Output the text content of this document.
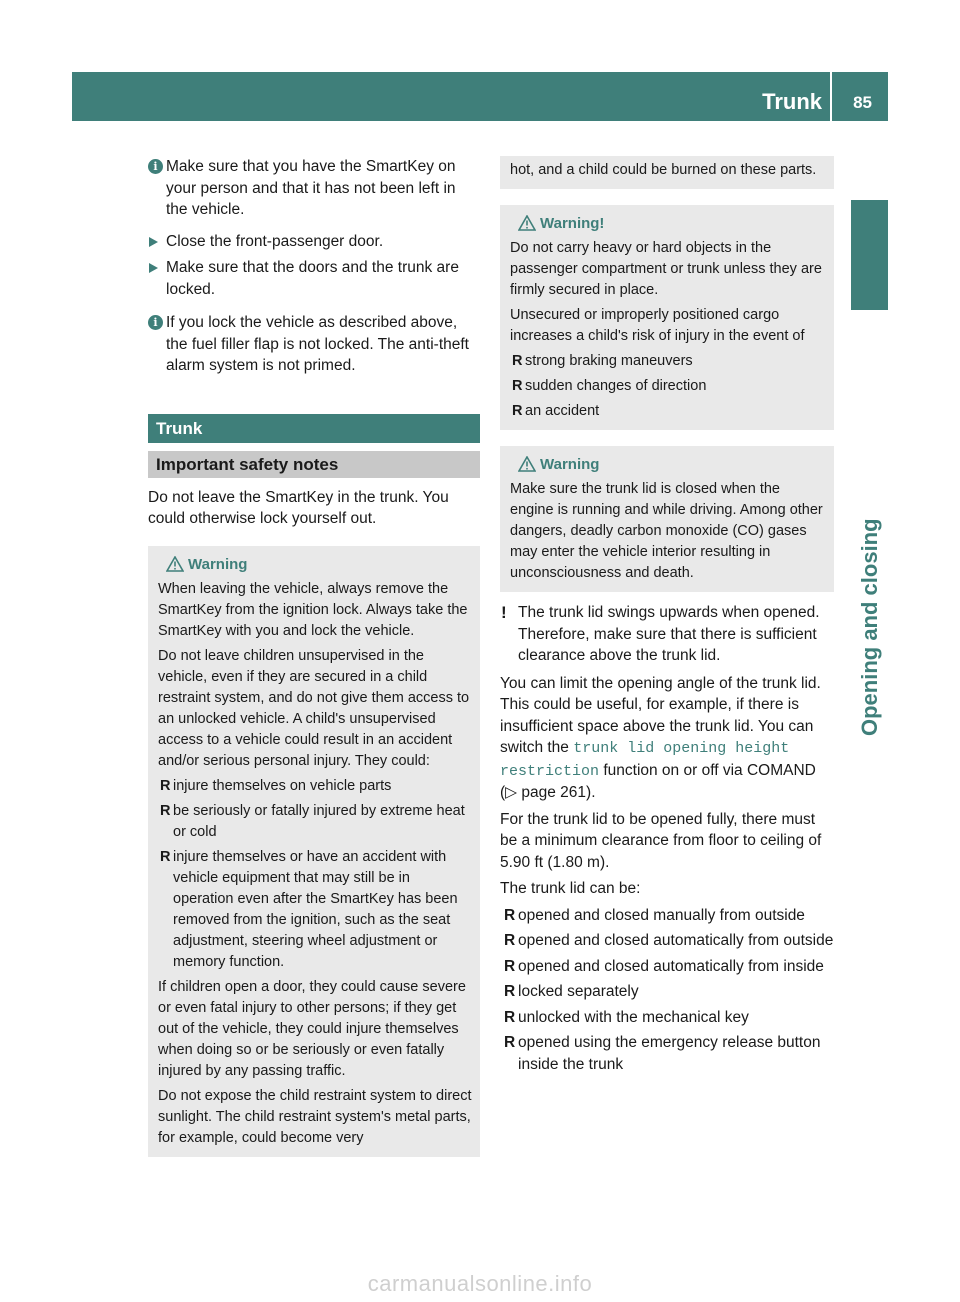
Trunk 85
Opening and closing
i Make sure that you have the SmartKey on your person and that it has not been left in the vehicle.
Close the front-passenger door.
Make sure that the doors and the trunk are locked.
i If you lock the vehicle as described above, the fuel filler flap is not locked. The anti-theft alarm system is not primed.
Trunk
Important safety notes

Do not leave the SmartKey in the trunk. You could otherwise lock yourself out.

Warning

When leaving the vehicle, always remove the SmartKey from the ignition lock. Always take the SmartKey with you and lock the vehicle.

Do not leave children unsupervised in the vehicle, even if they are secured in a child restraint system, and do not give them access to an unlocked vehicle. A child's unsupervised access to a vehicle could result in an accident and/or serious personal injury. They could:

R injure themselves on vehicle parts
R be seriously or fatally injured by extreme heat or cold
R injure themselves or have an accident with vehicle equipment that may still be in operation even after the SmartKey has been removed from the ignition, such as the seat adjustment, steering wheel adjustment or memory function.

If children open a door, they could cause severe or even fatal injury to other persons; if they get out of the vehicle, they could injure themselves when doing so or be seriously or even fatally injured by any passing traffic.

Do not expose the child restraint system to direct sunlight. The child restraint system's metal parts, for example, could become very

hot, and a child could be burned on these parts.

Warning!

Do not carry heavy or hard objects in the passenger compartment or trunk unless they are firmly secured in place.

Unsecured or improperly positioned cargo increases a child's risk of injury in the event of

R strong braking maneuvers
R sudden changes of direction
R an accident
Warning

Make sure the trunk lid is closed when the engine is running and while driving. Among other dangers, deadly carbon monoxide (CO) gases may enter the vehicle interior resulting in unconsciousness and death.

! The trunk lid swings upwards when opened. Therefore, make sure that there is sufficient clearance above the trunk lid.

You can limit the opening angle of the trunk lid. This could be useful, for example, if there is insufficient space above the trunk lid. You can switch the trunk lid opening height restriction function on or off via COMAND (▷ page 261).

For the trunk lid to be opened fully, there must be a minimum clearance from floor to ceiling of 5.90 ft (1.80 m).

The trunk lid can be:

R opened and closed manually from outside
R opened and closed automatically from outside
R opened and closed automatically from inside
R locked separately
R unlocked with the mechanical key
R opened using the emergency release button inside the trunk
carmanualsonline.info
